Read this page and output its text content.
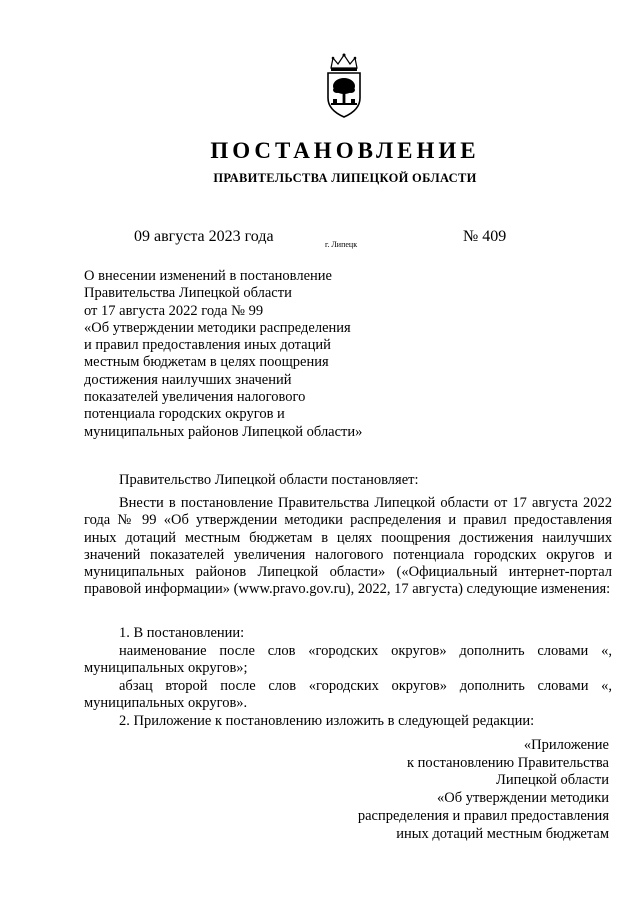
ПОСТАНОВЛЕНИЕ
ПРАВИТЕЛЬСТВА ЛИПЕЦКОЙ ОБЛАСТИ
09 августа 2023 года	г. Липецк	№ 409
О внесении изменений в постановление
Правительства Липецкой области
от 17 августа 2022 года № 99
«Об утверждении методики распределения
и правил предоставления иных дотаций
местным бюджетам в целях поощрения
достижения наилучших значений
показателей увеличения налогового
потенциала городских округов и
муниципальных районов Липецкой области»
Правительство Липецкой области постановляет:
Внести в постановление Правительства Липецкой области от 17 августа 2022 года № 99 «Об утверждении методики распределения и правил предоставления иных дотаций местным бюджетам в целях поощрения достижения наилучших значений показателей увеличения налогового потенциала городских округов и муниципальных районов Липецкой области» («Официальный интернет-портал правовой информации» (www.pravo.gov.ru), 2022, 17 августа) следующие изменения:
1. В постановлении:
наименование после слов «городских округов» дополнить словами «, муниципальных округов»;
абзац второй после слов «городских округов» дополнить словами «, муниципальных округов».
2. Приложение к постановлению изложить в следующей редакции:
«Приложение
к постановлению Правительства
Липецкой области
«Об утверждении методики
распределения и правил предоставления
иных дотаций местным бюджетам
